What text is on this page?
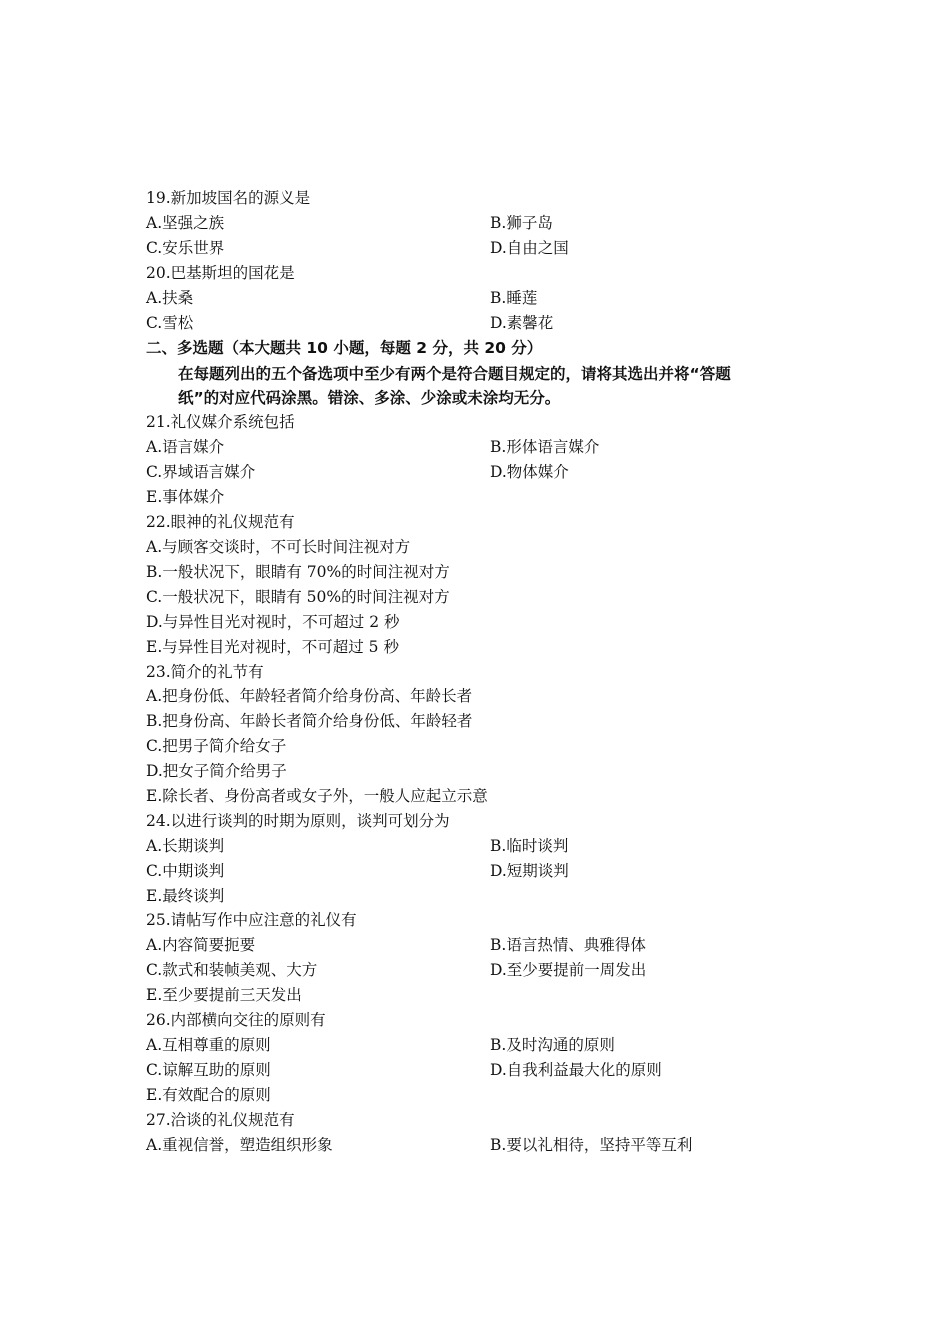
19.新加坡国名的源义是
A.坚强之族	B.狮子岛
C.安乐世界	D.自由之国
20.巴基斯坦的国花是
A.扶桑	B.睡莲
C.雪松	D.素馨花
二、多选题（本大题共 10 小题，每题 2 分，共 20 分）
在每题列出的五个备选项中至少有两个是符合题目规定的，请将其选出并将“答题
纸”的对应代码涂黑。错涂、多涂、少涂或未涂均无分。
21.礼仪媒介系统包括
A.语言媒介	B.形体语言媒介
C.界域语言媒介	D.物体媒介
E.事体媒介
22.眼神的礼仪规范有
A.与顾客交谈时，不可长时间注视对方
B.一般状况下，眼睛有 70%的时间注视对方
C.一般状况下，眼睛有 50%的时间注视对方
D.与异性目光对视时，不可超过 2 秒
E.与异性目光对视时，不可超过 5 秒
23.简介的礼节有
A.把身份低、年龄轻者简介给身份高、年龄长者
B.把身份高、年龄长者简介给身份低、年龄轻者
C.把男子简介给女子
D.把女子简介给男子
E.除长者、身份高者或女子外，一般人应起立示意
24.以进行谈判的时期为原则，谈判可划分为
A.长期谈判	B.临时谈判
C.中期谈判	D.短期谈判
E.最终谈判
25.请帖写作中应注意的礼仪有
A.内容简要扼要	B.语言热情、典雅得体
C.款式和装帧美观、大方	D.至少要提前一周发出
E.至少要提前三天发出
26.内部横向交往的原则有
A.互相尊重的原则	B.及时沟通的原则
C.谅解互助的原则	D.自我利益最大化的原则
E.有效配合的原则
27.洽谈的礼仪规范有
A.重视信誉，塑造组织形象	B.要以礼相待，坚持平等互利
